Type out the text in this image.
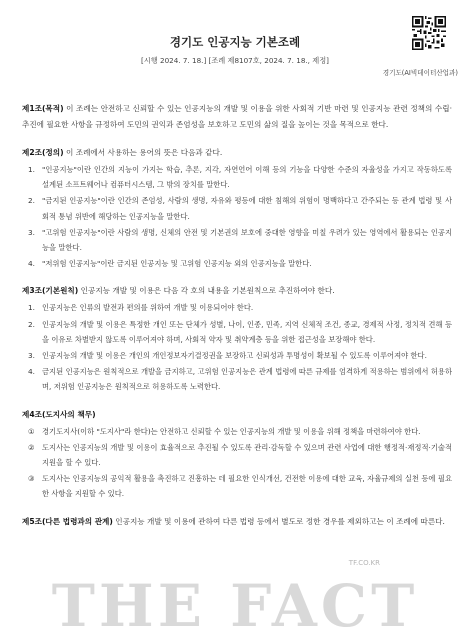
경기도 인공지능 기본조례
[시행 2024. 7. 18.] [조례 제8107호, 2024. 7. 18., 제정]
경기도(AI빅데이터산업과)
제1조(목적) 이 조례는 안전하고 신뢰할 수 있는 인공지능의 개발 및 이용을 위한 사회적 기반 마련 및 인공지능 관련 정책의 수립·추진에 필요한 사항을 규정하여 도민의 권익과 존엄성을 보호하고 도민의 삶의 질을 높이는 것을 목적으로 한다.
제2조(정의) 이 조례에서 사용하는 용어의 뜻은 다음과 같다.
1. "인공지능"이란 인간의 지능이 가지는 학습, 추론, 지각, 자연언어 이해 등의 기능을 다양한 수준의 자율성을 가지고 작동하도록 설계된 소프트웨어나 컴퓨터시스템, 그 밖의 장치를 말한다.
2. "금지된 인공지능"이란 인간의 존엄성, 사람의 생명, 자유와 평등에 대한 침해의 위험이 명백하다고 간주되는 등 관계 법령 및 사회적 통념 위반에 해당하는 인공지능을 말한다.
3. "고위험 인공지능"이란 사람의 생명, 신체의 안전 및 기본권의 보호에 중대한 영향을 미칠 우려가 있는 영역에서 활용되는 인공지능을 말한다.
4. "저위험 인공지능"이란 금지된 인공지능 및 고위험 인공지능 외의 인공지능을 말한다.
제3조(기본원칙) 인공지능 개발 및 이용은 다음 각 호의 내용을 기본원칙으로 추진하여야 한다.
1. 인공지능은 인류의 발전과 편의를 위하여 개발 및 이용되어야 한다.
2. 인공지능의 개발 및 이용은 특정한 개인 또는 단체가 성별, 나이, 인종, 민족, 지역 신체적 조건, 종교, 경제적 사정, 정치적 견해 등을 이유로 차별받지 않도록 이루어져야 하며, 사회적 약자 및 취약계층 등을 위한 접근성을 보장해야 한다.
3. 인공지능의 개발 및 이용은 개인의 개인정보자기결정권을 보장하고 신뢰성과 투명성이 확보될 수 있도록 이루어져야 한다.
4. 금지된 인공지능은 원칙적으로 개발을 금지하고, 고위험 인공지능은 관계 법령에 따른 규제를 엄격하게 적용하는 범위에서 허용하며, 저위험 인공지능은 원칙적으로 허용하도록 노력한다.
제4조(도지사의 책무)
①	경기도지사(이하 "도지사"라 한다)는 안전하고 신뢰할 수 있는 인공지능의 개발 및 이용을 위해 정책을 마련하여야 한다.
②	도지사는 인공지능의 개발 및 이용이 효율적으로 추진될 수 있도록 관리·감독할 수 있으며 관련 사업에 대한 행정적·재정적·기술적 지원을 할 수 있다.
③	도지사는 인공지능의 공익적 활용을 촉진하고 진흥하는 데 필요한 인식개선, 건전한 이용에 대한 교육, 자율규제의 실천 등에 필요한 사항을 지원할 수 있다.
제5조(다른 법령과의 관계) 인공지능 개발 및 이용에 관하여 다른 법령 등에서 별도로 정한 경우를 제외하고는 이 조례에 따른다.
TF.CO.KR
THE FACT
